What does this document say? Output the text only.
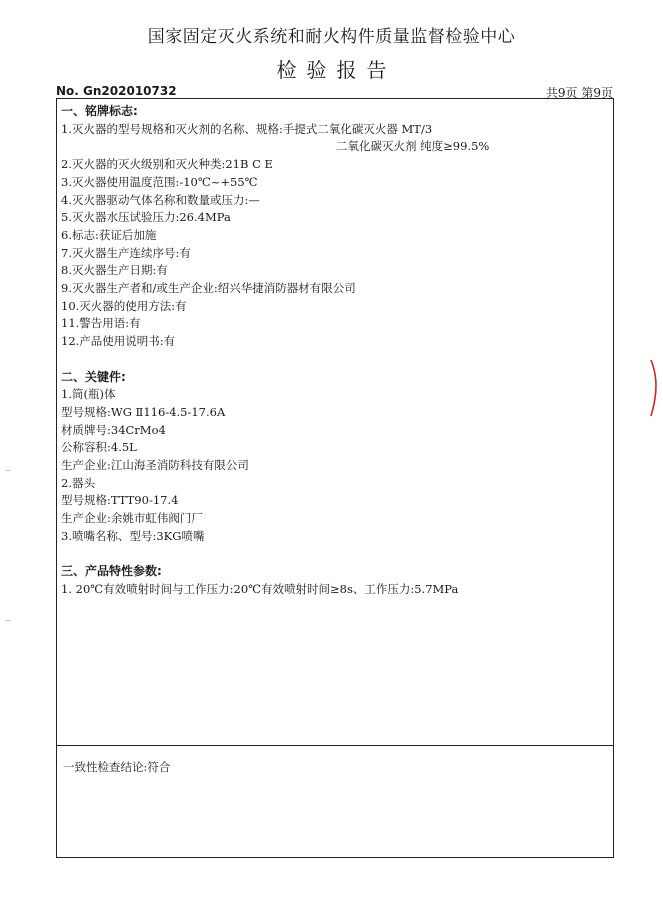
国家固定灭火系统和耐火构件质量监督检验中心
检验报告
No. Gn202010732	共9页 第9页
一、铭牌标志:
1.灭火器的型号规格和灭火剂的名称、规格:手提式二氧化碳灭火器 MT/3
二氧化碳灭火剂 纯度≥99.5%
2.灭火器的灭火级别和灭火种类:21B C E
3.灭火器使用温度范围:-10℃~+55℃
4.灭火器驱动气体名称和数量或压力:—
5.灭火器水压试验压力:26.4MPa
6.标志:获证后加施
7.灭火器生产连续序号:有
8.灭火器生产日期:有
9.灭火器生产者和/或生产企业:绍兴华捷消防器材有限公司
10.灭火器的使用方法:有
11.警告用语:有
12.产品使用说明书:有
二、关键件:
1.筒(瓶)体
型号规格:WG Ⅱ116-4.5-17.6A
材质牌号:34CrMo4
公称容积:4.5L
生产企业:江山海圣消防科技有限公司
2.器头
型号规格:TTT90-17.4
生产企业:余姚市虹伟阀门厂
3.喷嘴名称、型号:3KG喷嘴
三、产品特性参数:
1. 20℃有效喷射时间与工作压力:20℃有效喷射时间≥8s、工作压力:5.7MPa
一致性检查结论:符合
